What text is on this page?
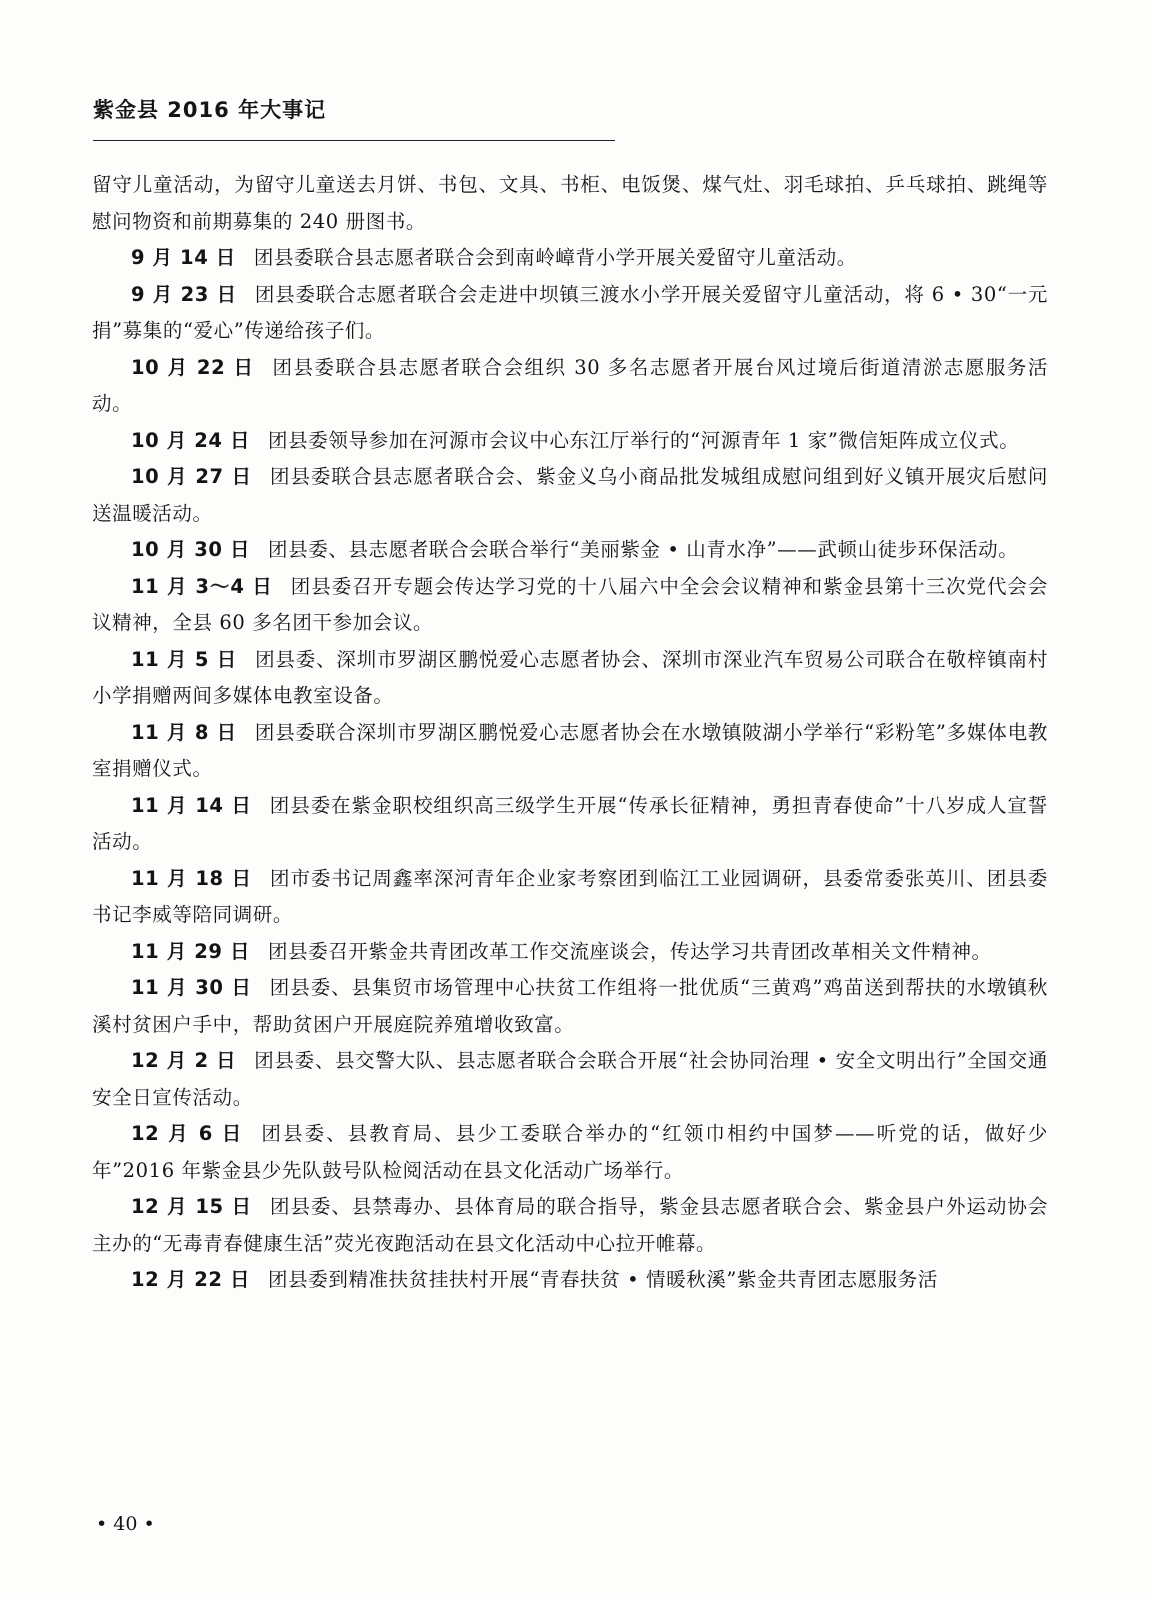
紫金县 2016 年大事记

留守儿童活动，为留守儿童送去月饼、书包、文具、书柜、电饭煲、煤气灶、羽毛球拍、乒乓球拍、跳绳等慰问物资和前期募集的 240 册图书。

9 月 14 日 团县委联合县志愿者联合会到南岭嶂背小学开展关爱留守儿童活动。

9 月 23 日 团县委联合志愿者联合会走进中坝镇三渡水小学开展关爱留守儿童活动，将 6 • 30“一元捐”募集的“爱心”传递给孩子们。

10 月 22 日 团县委联合县志愿者联合会组织 30 多名志愿者开展台风过境后街道清淤志愿服务活动。

10 月 24 日 团县委领导参加在河源市会议中心东江厅举行的“河源青年 1 家”微信矩阵成立仪式。

10 月 27 日 团县委联合县志愿者联合会、紫金义乌小商品批发城组成慰问组到好义镇开展灾后慰问送温暖活动。

10 月 30 日 团县委、县志愿者联合会联合举行“美丽紫金 • 山青水净”——武顿山徒步环保活动。

11 月 3～4 日 团县委召开专题会传达学习党的十八届六中全会会议精神和紫金县第十三次党代会会议精神，全县 60 多名团干参加会议。

11 月 5 日 团县委、深圳市罗湖区鹏悦爱心志愿者协会、深圳市深业汽车贸易公司联合在敬梓镇南村小学捐赠两间多媒体电教室设备。

11 月 8 日 团县委联合深圳市罗湖区鹏悦爱心志愿者协会在水墩镇陂湖小学举行“彩粉笔”多媒体电教室捐赠仪式。

11 月 14 日 团县委在紫金职校组织高三级学生开展“传承长征精神，勇担青春使命”十八岁成人宣誓活动。

11 月 18 日 团市委书记周鑫率深河青年企业家考察团到临江工业园调研，县委常委张英川、团县委书记李威等陪同调研。

11 月 29 日 团县委召开紫金共青团改革工作交流座谈会，传达学习共青团改革相关文件精神。

11 月 30 日 团县委、县集贸市场管理中心扶贫工作组将一批优质“三黄鸡”鸡苗送到帮扶的水墩镇秋溪村贫困户手中，帮助贫困户开展庭院养殖增收致富。

12 月 2 日 团县委、县交警大队、县志愿者联合会联合开展“社会协同治理 • 安全文明出行”全国交通安全日宣传活动。

12 月 6 日 团县委、县教育局、县少工委联合举办的“红领巾相约中国梦——听党的话，做好少年”2016 年紫金县少先队鼓号队检阅活动在县文化活动广场举行。

12 月 15 日 团县委、县禁毒办、县体育局的联合指导，紫金县志愿者联合会、紫金县户外运动协会主办的“无毒青春健康生活”荧光夜跑活动在县文化活动中心拉开帷幕。

12 月 22 日 团县委到精准扶贫挂扶村开展“青春扶贫 • 情暖秋溪”紫金共青团志愿服务活

• 40 •
